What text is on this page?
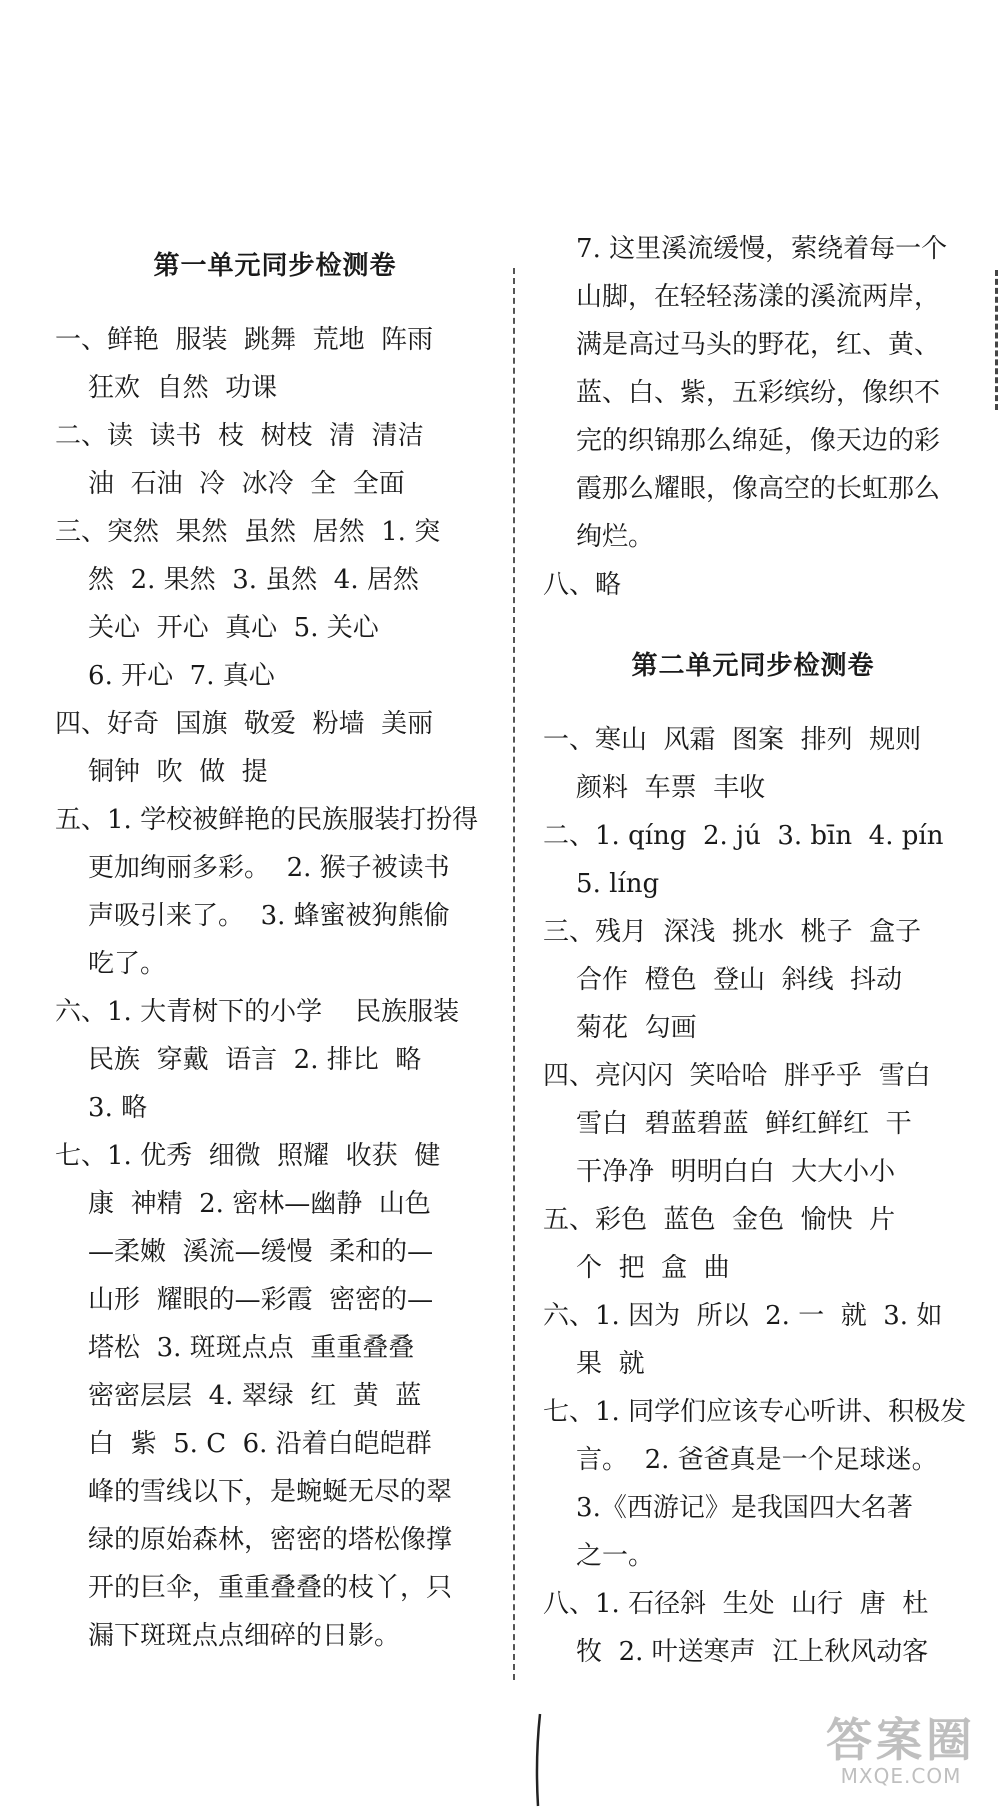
第一单元同步检测卷
一、鲜艳  服装  跳舞  荒地  阵雨
狂欢  自然  功课
二、读  读书  枝  树枝  清  清洁
油  石油  冷  冰冷  全  全面
三、突然  果然  虽然  居然  1. 突
然  2. 果然  3. 虽然  4. 居然
关心  开心  真心  5. 关心
6. 开心  7. 真心
四、好奇  国旗  敬爱  粉墙  美丽
铜钟  吹  做  提
五、1. 学校被鲜艳的民族服装打扮得
更加绚丽多彩。  2. 猴子被读书
声吸引来了。  3. 蜂蜜被狗熊偷
吃了。
六、1. 大青树下的小学    民族服装
民族  穿戴  语言  2. 排比  略
3. 略
七、1. 优秀  细微  照耀  收获  健
康  神精  2. 密林—幽静  山色
—柔嫩  溪流—缓慢  柔和的—
山形  耀眼的—彩霞  密密的—
塔松  3. 斑斑点点  重重叠叠
密密层层  4. 翠绿  红  黄  蓝
白  紫  5. C  6. 沿着白皑皑群
峰的雪线以下，是蜿蜒无尽的翠
绿的原始森林，密密的塔松像撑
开的巨伞，重重叠叠的枝丫，只
漏下斑斑点点细碎的日影。
7. 这里溪流缓慢，萦绕着每一个
山脚，在轻轻荡漾的溪流两岸，
满是高过马头的野花，红、黄、
蓝、白、紫，五彩缤纷，像织不
完的织锦那么绵延，像天边的彩
霞那么耀眼，像高空的长虹那么
绚烂。
八、略
第二单元同步检测卷
一、寒山  风霜  图案  排列  规则
颜料  车票  丰收
二、1. qíng  2. jú  3. bīn  4. pín
5. líng
三、残月  深浅  挑水  桃子  盒子
合作  橙色  登山  斜线  抖动
菊花  勾画
四、亮闪闪  笑哈哈  胖乎乎  雪白
雪白  碧蓝碧蓝  鲜红鲜红  干
干净净  明明白白  大大小小
五、彩色  蓝色  金色  愉快  片
个  把  盒  曲
六、1. 因为  所以  2. 一  就  3. 如
果  就
七、1. 同学们应该专心听讲、积极发
言。  2. 爸爸真是一个足球迷。
3.《西游记》是我国四大名著
之一。
八、1. 石径斜  生处  山行  唐  杜
牧  2. 叶送寒声  江上秋风动客
答案圈
MXQE.COM
